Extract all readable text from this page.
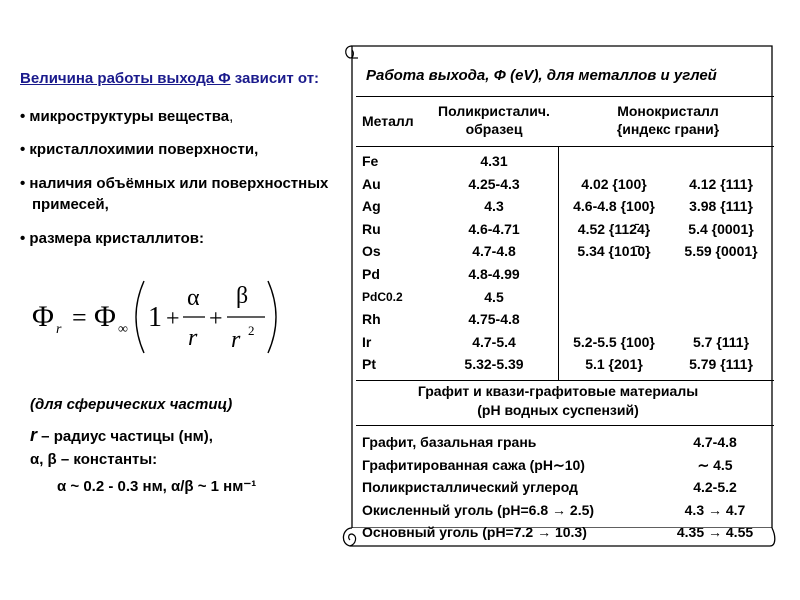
Величина работы выхода Φ зависит от:
• микроструктуры вещества,
• кристаллохимии поверхности,
• наличия объёмных или поверхностных
примесей,
• размера кристаллитов:
Φ r = Φ ∞ 1 +
α
r
+
β
r 2
(для сферических частиц)
r – радиус частицы (нм),
α, β – константы:
α ~ 0.2 - 0.3 нм, α/β ~ 1 нм⁻¹
Работа выхода, Φ (eV), для металлов и углей
Металл
Поликристалич.
образец
Монокристалл
{индекс грани}
Fe
Au
Ag
Ru
Os
Pd
PdC0.2
Rh
Ir
Pt
4.31
4.25-4.3
4.3
4.6-4.71
4.7-4.8
4.8-4.99
4.5
4.75-4.8
4.7-5.4
5.32-5.39
4.02 {100}
4.6-4.8 {100}
4.52 {112̄4}
5.34 {101̄0}

5.2-5.5 {100}
5.1 {201}
4.12 {111}
3.98 {111}
5.4 {0001}
5.59 {0001}

5.7 {111}
5.79 {111}
Графит и квази-графитовые материалы
(pH водных суспензий)
Графит, базальная грань
Графитированная сажа (pH∼10)
Поликристаллический углерод
Окисленный уголь (pH=6.8 → 2.5)
Основный уголь (pH=7.2 → 10.3)
4.7-4.8
∼ 4.5
4.2-5.2
4.3 → 4.7
4.35 → 4.55
